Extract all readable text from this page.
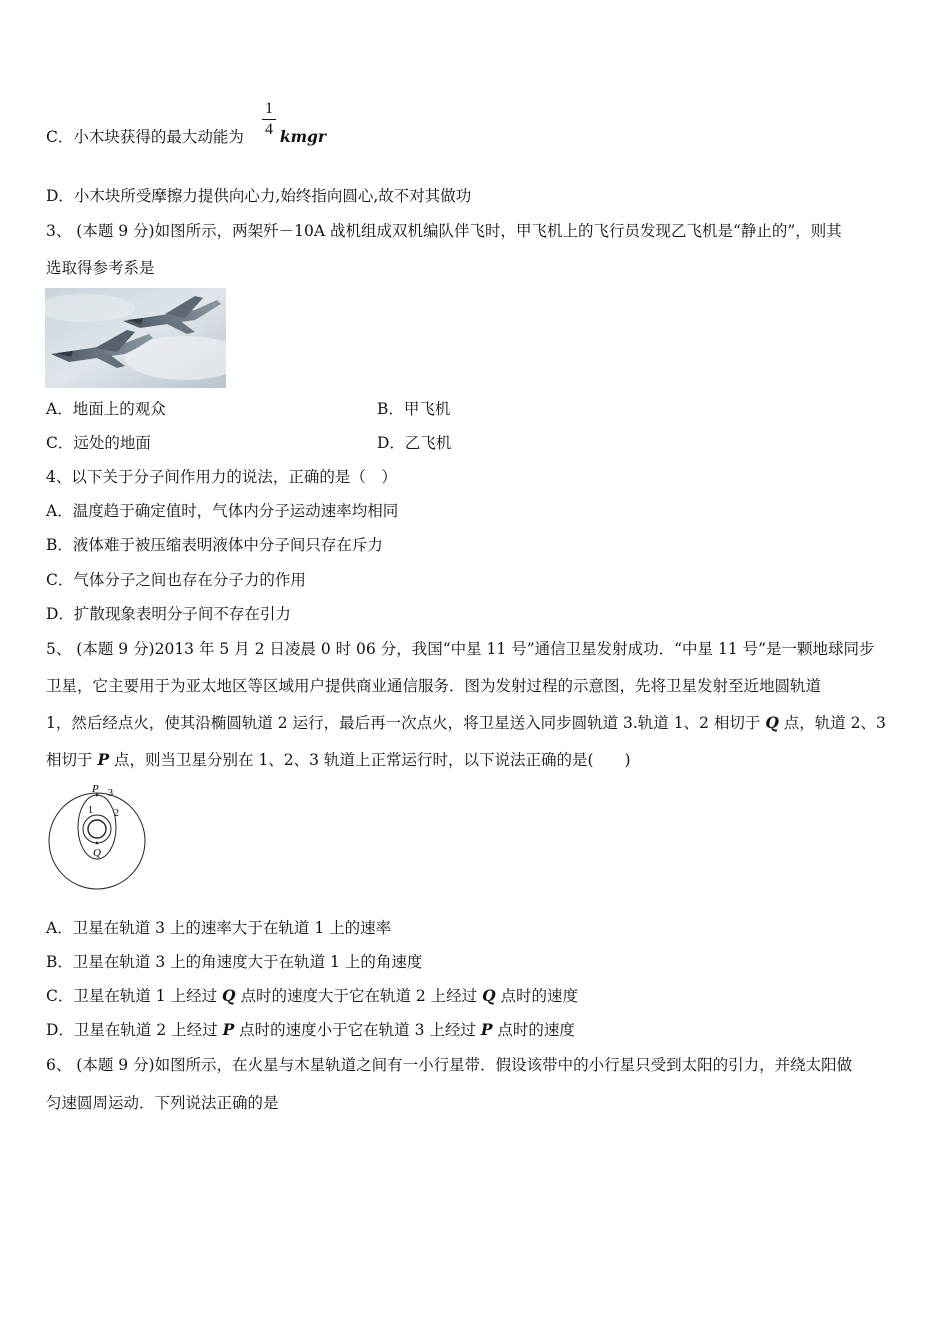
1
4
C．小木块获得的最大动能为 kmgr
D．小木块所受摩擦力提供向心力,始终指向圆心,故不对其做功
3、 (本题 9 分)如图所示，两架歼－10A 战机组成双机编队伴飞时，甲飞机上的飞行员发现乙飞机是“静止的”，则其
选取得参考系是
A．地面上的观众	B．甲飞机
C．远处的地面	D．乙飞机
4、以下关于分子间作用力的说法，正确的是（　）
A．温度趋于确定值时，气体内分子运动速率均相同
B．液体难于被压缩表明液体中分子间只存在斥力
C．气体分子之间也存在分子力的作用
D．扩散现象表明分子间不存在引力
5、 (本题 9 分)2013 年 5 月 2 日凌晨 0 时 06 分，我国“中星 11 号”通信卫星发射成功．“中星 11 号”是一颗地球同步
卫星，它主要用于为亚太地区等区域用户提供商业通信服务．图为发射过程的示意图，先将卫星发射至近地圆轨道
1，然后经点火，使其沿椭圆轨道 2 运行，最后再一次点火，将卫星送入同步圆轨道 3.轨道 1、2 相切于 Q 点，轨道 2、3
相切于 P 点，则当卫星分别在 1、2、3 轨道上正常运行时，以下说法正确的是(　　)
P 3
1 2
Q
A．卫星在轨道 3 上的速率大于在轨道 1 上的速率
B．卫星在轨道 3 上的角速度大于在轨道 1 上的角速度
C．卫星在轨道 1 上经过 Q 点时的速度大于它在轨道 2 上经过 Q 点时的速度
D．卫星在轨道 2 上经过 P 点时的速度小于它在轨道 3 上经过 P 点时的速度
6、 (本题 9 分)如图所示，在火星与木星轨道之间有一小行星带．假设该带中的小行星只受到太阳的引力，并绕太阳做
匀速圆周运动．下列说法正确的是
